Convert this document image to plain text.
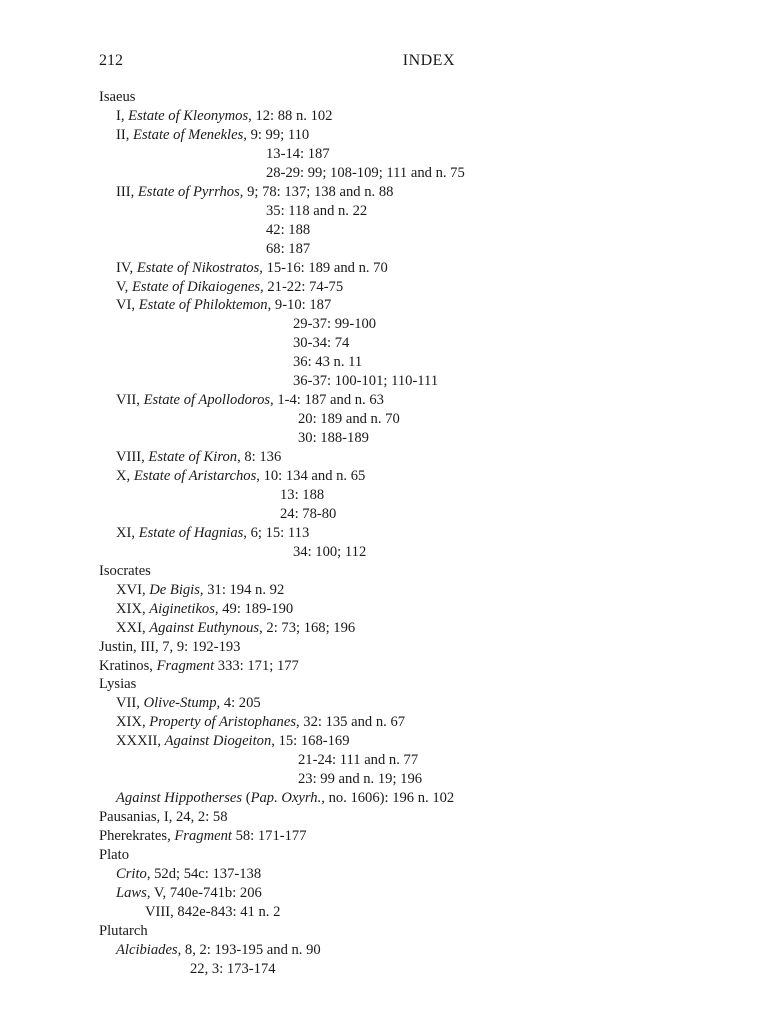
212	INDEX
Isaeus
I, Estate of Kleonymos, 12: 88 n. 102
II, Estate of Menekles, 9: 99; 110
13-14: 187
28-29: 99; 108-109; 111 and n. 75
III, Estate of Pyrrhos, 9; 78: 137; 138 and n. 88
35: 118 and n. 22
42: 188
68: 187
IV, Estate of Nikostratos, 15-16: 189 and n. 70
V, Estate of Dikaiogenes, 21-22: 74-75
VI, Estate of Philoktemon, 9-10: 187
29-37: 99-100
30-34: 74
36: 43 n. 11
36-37: 100-101; 110-111
VII, Estate of Apollodoros, 1-4: 187 and n. 63
20: 189 and n. 70
30: 188-189
VIII, Estate of Kiron, 8: 136
X, Estate of Aristarchos, 10: 134 and n. 65
13: 188
24: 78-80
XI, Estate of Hagnias, 6; 15: 113
34: 100; 112
Isocrates
XVI, De Bigis, 31: 194 n. 92
XIX, Aiginetikos, 49: 189-190
XXI, Against Euthynous, 2: 73; 168; 196
Justin, III, 7, 9: 192-193
Kratinos, Fragment 333: 171; 177
Lysias
VII, Olive-Stump, 4: 205
XIX, Property of Aristophanes, 32: 135 and n. 67
XXXII, Against Diogeiton, 15: 168-169
21-24: 111 and n. 77
23: 99 and n. 19; 196
Against Hippotherses (Pap. Oxyrh., no. 1606): 196 n. 102
Pausanias, I, 24, 2: 58
Pherekrates, Fragment 58: 171-177
Plato
Crito, 52d; 54c: 137-138
Laws, V, 740e-741b: 206
VIII, 842e-843: 41 n. 2
Plutarch
Alcibiades, 8, 2: 193-195 and n. 90
22, 3: 173-174
